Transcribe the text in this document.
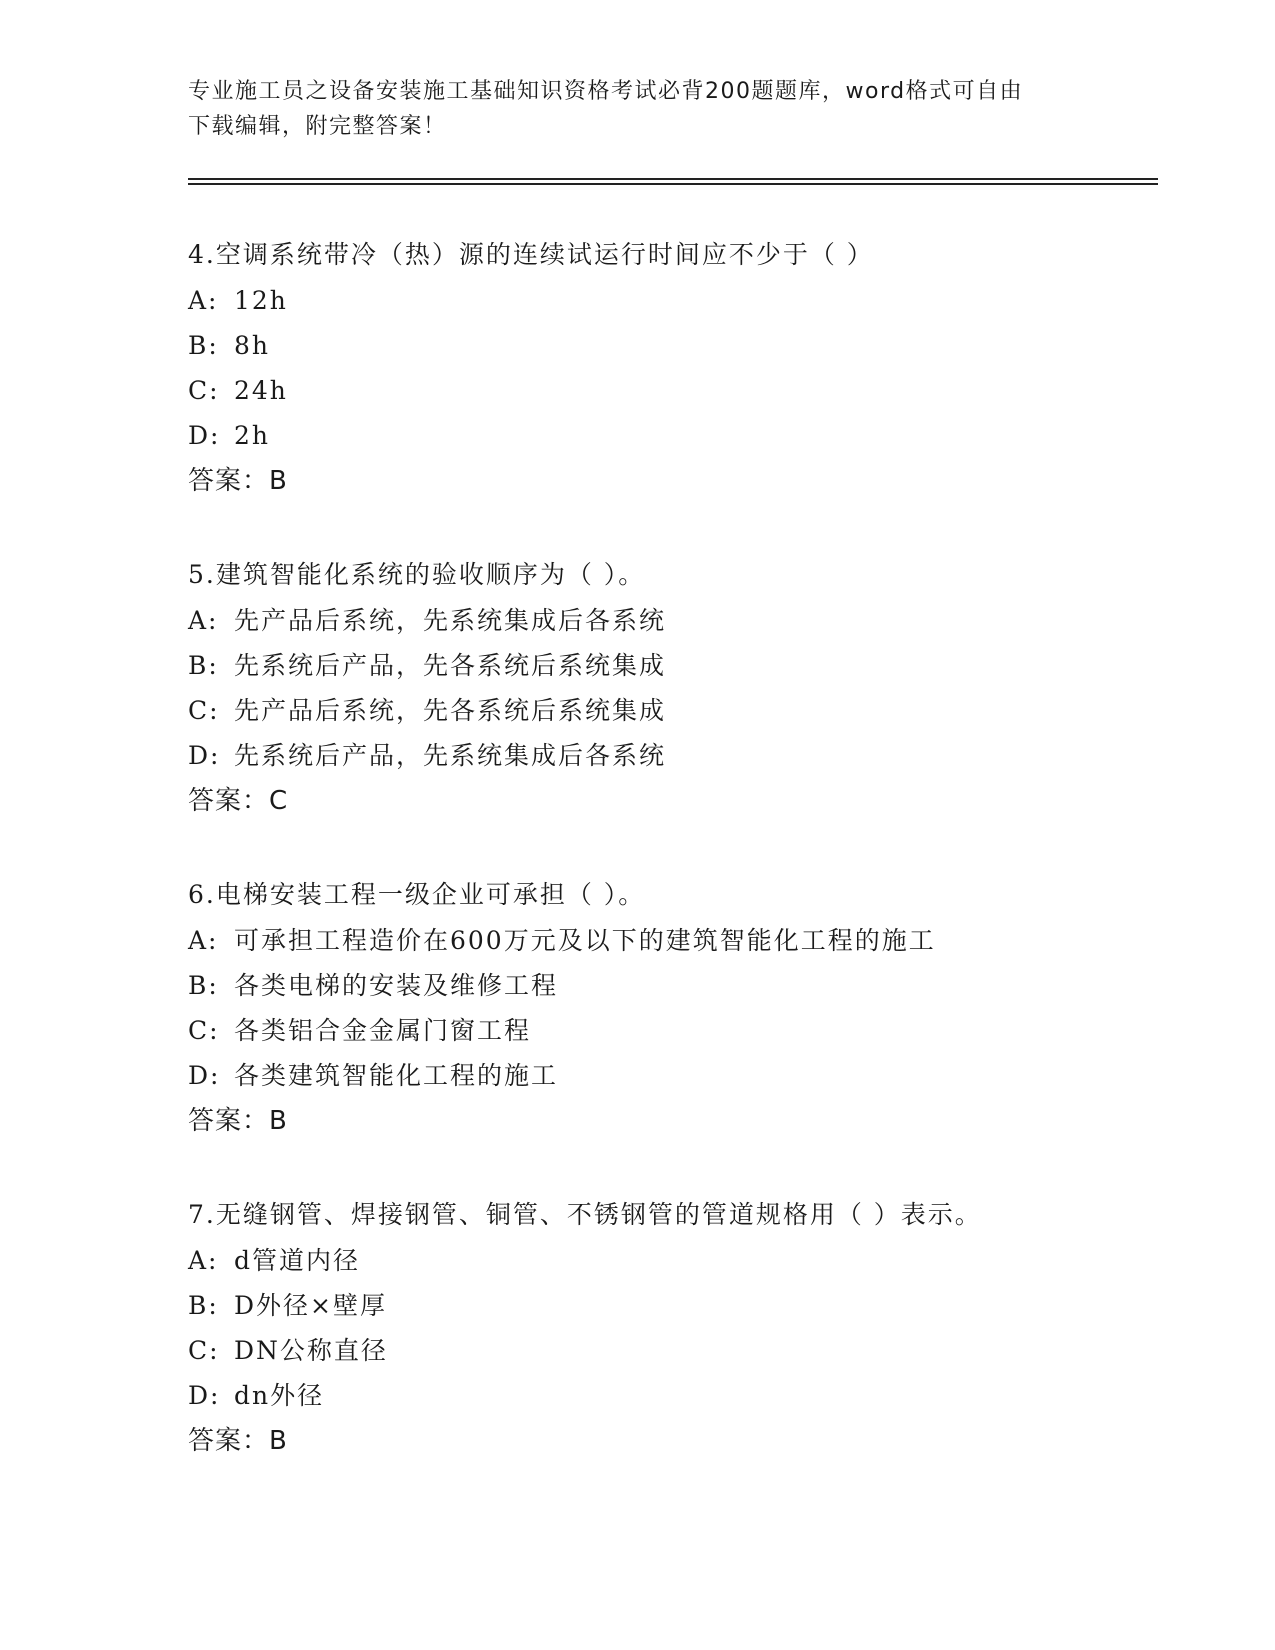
专业施工员之设备安装施工基础知识资格考试必背200题题库，word格式可自由
下载编辑，附完整答案！
4.空调系统带冷（热）源的连续试运行时间应不少于（ ）
A: 12h
B: 8h
C: 24h
D: 2h
答案：B
5.建筑智能化系统的验收顺序为（ ）。
A: 先产品后系统，先系统集成后各系统
B: 先系统后产品，先各系统后系统集成
C: 先产品后系统，先各系统后系统集成
D: 先系统后产品，先系统集成后各系统
答案：C
6.电梯安装工程一级企业可承担（ ）。
A: 可承担工程造价在600万元及以下的建筑智能化工程的施工
B: 各类电梯的安装及维修工程
C: 各类铝合金金属门窗工程
D: 各类建筑智能化工程的施工
答案：B
7.无缝钢管、焊接钢管、铜管、不锈钢管的管道规格用（ ）表示。
A: d管道内径
B: D外径×壁厚
C: DN公称直径
D: dn外径
答案：B
